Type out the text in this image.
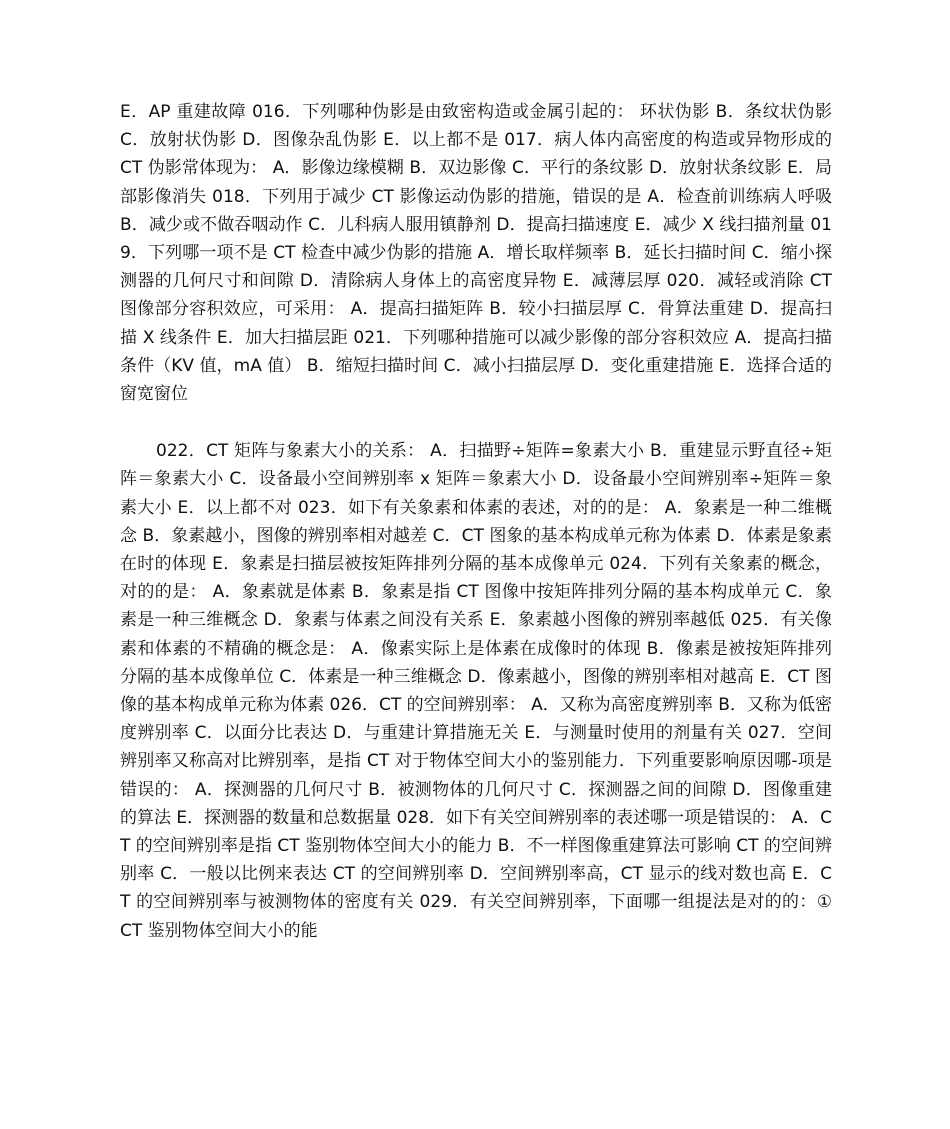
E．AP 重建故障 016．下列哪种伪影是由致密构造或金属引起的： 环状伪影 B．条纹状伪影 C．放射状伪影 D．图像杂乱伪影 E．以上都不是 017．病人体内高密度的构造或异物形成的 CT 伪影常体现为： A．影像边缘模糊 B．双边影像 C．平行的条纹影 D．放射状条纹影 E．局部影像消失 018．下列用于减少 CT 影像运动伪影的措施，错误的是 A．检查前训练病人呼吸 B．减少或不做吞咽动作 C．儿科病人服用镇静剂 D．提高扫描速度 E．减少 X 线扫描剂量 019．下列哪一项不是 CT 检查中减少伪影的措施 A．增长取样频率 B．延长扫描时间 C．缩小探测器的几何尺寸和间隙 D．清除病人身体上的高密度异物 E．减薄层厚 020．减轻或消除 CT 图像部分容积效应，可采用： A．提高扫描矩阵 B．较小扫描层厚 C．骨算法重建 D．提高扫描 X 线条件 E．加大扫描层距 021．下列哪种措施可以减少影像的部分容积效应 A．提高扫描条件（KV 值，mA 值） B．缩短扫描时间 C．减小扫描层厚 D．变化重建措施 E．选择合适的窗宽窗位

022．CT 矩阵与象素大小的关系： A．扫描野÷矩阵=象素大小 B．重建显示野直径÷矩阵＝象素大小 C．设备最小空间辨别率 x 矩阵＝象素大小 D．设备最小空间辨别率÷矩阵＝象素大小 E．以上都不对 023．如下有关象素和体素的表述，对的的是： A．象素是一种二维概念 B．象素越小，图像的辨别率相对越差 C．CT 图象的基本构成单元称为体素 D．体素是象素在时的体现 E．象素是扫描层被按矩阵排列分隔的基本成像单元 024．下列有关象素的概念，对的的是： A．象素就是体素 B．象素是指 CT 图像中按矩阵排列分隔的基本构成单元 C．象素是一种三维概念 D．象素与体素之间没有关系 E．象素越小图像的辨别率越低 025．有关像素和体素的不精确的概念是： A．像素实际上是体素在成像时的体现 B．像素是被按矩阵排列分隔的基本成像单位 C．体素是一种三维概念 D．像素越小，图像的辨别率相对越高 E．CT 图像的基本构成单元称为体素 026．CT 的空间辨别率： A．又称为高密度辨别率 B．又称为低密度辨别率 C．以面分比表达 D．与重建计算措施无关 E．与测量时使用的剂量有关 027．空间辨别率又称高对比辨别率，是指 CT 对于物体空间大小的鉴别能力．下列重要影响原因哪-项是错误的： A．探测器的几何尺寸 B．被测物体的几何尺寸 C．探测器之间的间隙 D．图像重建的算法 E．探测器的数量和总数据量 028．如下有关空间辨别率的表述哪一项是错误的： A．CT 的空间辨别率是指 CT 鉴别物体空间大小的能力 B．不一样图像重建算法可影响 CT 的空间辨别率 C．一般以比例来表达 CT 的空间辨别率 D．空间辨别率高，CT 显示的线对数也高 E．CT 的空间辨别率与被测物体的密度有关 029．有关空间辨别率，下面哪一组提法是对的的：① CT 鉴别物体空间大小的能
